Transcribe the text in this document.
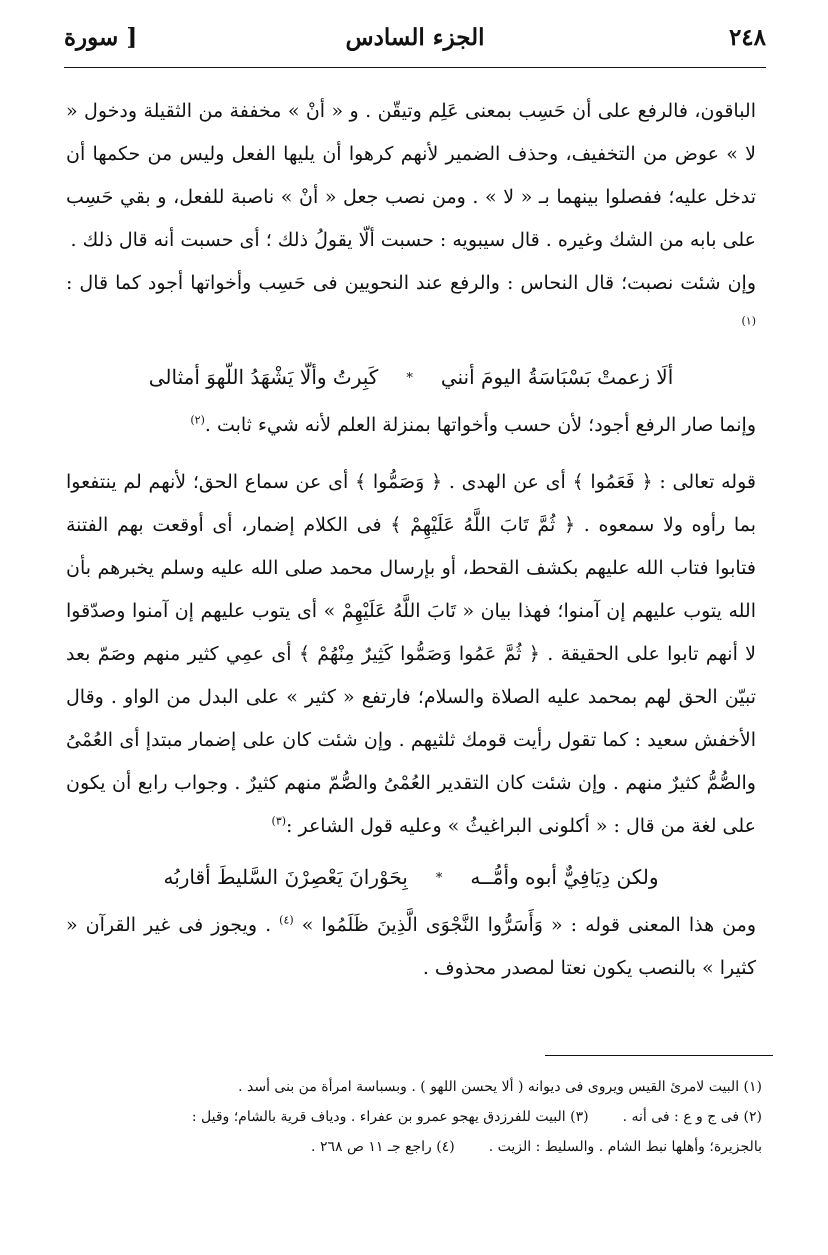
٢٤٨
الجزء السادس
[ سورة

الباقون، فالرفع على أن حَسِب بمعنى عَلِم وتيقّن . و « أنْ » مخففة من الثقيلة ودخول « لا » عوض من التخفيف، وحذف الضمير لأنهم كرهوا أن يليها الفعل وليس من حكمها أن تدخل عليه؛ ففصلوا بينهما بـ « لا » . ومن نصب جعل « أنْ » ناصبة للفعل، و بقي حَسِب على بابه من الشك وغيره . قال سيبويه : حسبت ألّا يقولُ ذلك ؛ أى حسبت أنه قال ذلك .

وإن شئت نصبت؛ قال النحاس : والرفع عند النحويين فى حَسِب وأخواتها أجود كما قال :$^{(١)}$

ألَا زعمتْ بَسْبَاسَةُ اليومَ أنني*كَبِرتُ وألّا يَشْهَدُ اللّهوَ أمثالى

وإنما صار الرفع أجود؛ لأن حسب وأخواتها بمنزلة العلم لأنه شيء ثابت .$^{(٢)}$

قوله تعالى : ﴿ فَعَمُوا ﴾ أى عن الهدى . ﴿ وَصَمُّوا ﴾ أى عن سماع الحق؛ لأنهم لم ينتفعوا بما رأوه ولا سمعوه . ﴿ ثُمَّ تَابَ اللَّهُ عَلَيْهِمْ ﴾ فى الكلام إضمار، أى أوقعت بهم الفتنة فتابوا فتاب الله عليهم بكشف القحط، أو بإرسال محمد صلى الله عليه وسلم يخبرهم بأن الله يتوب عليهم إن آمنوا؛ فهذا بيان « تَابَ اللَّهُ عَلَيْهِمْ » أى يتوب عليهم إن آمنوا وصدّقوا لا أنهم تابوا على الحقيقة . ﴿ ثُمَّ عَمُوا وَصَمُّوا كَثِيرٌ مِنْهُمْ ﴾ أى عمِي كثير منهم وصَمّ بعد تبيّن الحق لهم بمحمد عليه الصلاة والسلام؛ فارتفع « كثير » على البدل من الواو . وقال الأخفش سعيد : كما تقول رأيت قومك ثلثيهم . وإن شئت كان على إضمار مبتدإ أى العُمْىُ والصُّمُّ كثيرٌ منهم . وإن شئت كان التقدير العُمْىُ والصُّمّ منهم كثيرٌ . وجواب رابع أن يكون على لغة من قال : « أكلونى البراغيثُ » وعليه قول الشاعر :$^{(٣)}$

ولكن دِيَافِيٌّ أبوه وأمُّــه*بِحَوْرانَ يَعْصِرْنَ السَّليطَ أقاربُه

ومن هذا المعنى قوله : « وَأَسَرُّوا النَّجْوَى الَّذِينَ ظَلَمُوا » $^{(٤)}$ . ويجوز فى غير القرآن « كثيرا » بالنصب يكون نعتا لمصدر محذوف .

(١) البيت لامرئ القيس ويروى فى ديوانه ( ألا يحسن اللهو ) . وبسباسة امرأة من بنى أسد .

(٢) فى ج و ع : فى أنه .(٣) البيت للفرزدق يهجو عمرو بن عفراء . ودياف قرية بالشام؛ وقيل :

بالجزيرة؛ وأهلها نبط الشام . والسليط : الزيت .(٤) راجع جـ ١١ ص ٢٦٨ .
